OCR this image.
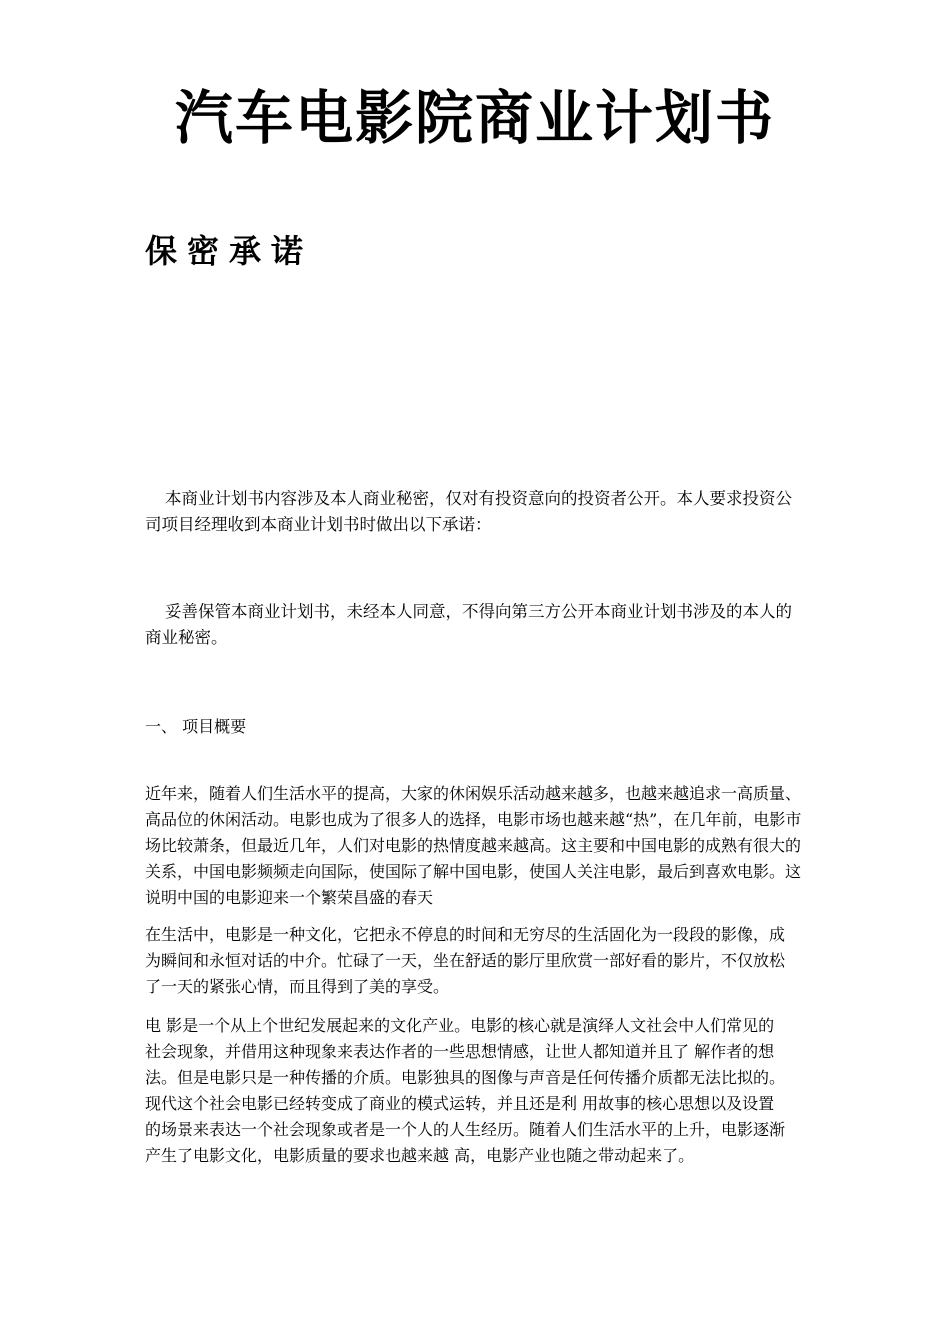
汽车电影院商业计划书
保密承诺

本商业计划书内容涉及本人商业秘密，仅对有投资意向的投资者公开。本人要求投资公司项目经理收到本商业计划书时做出以下承诺：

妥善保管本商业计划书，未经本人同意，不得向第三方公开本商业计划书涉及的本人的商业秘密。

一、 项目概要

近年来，随着人们生活水平的提高，大家的休闲娱乐活动越来越多，也越来越追求一高质量、高品位的休闲活动。电影也成为了很多人的选择，电影市场也越来越“热”，在几年前，电影市场比较萧条，但最近几年，人们对电影的热情度越来越高。这主要和中国电影的成熟有很大的关系，中国电影频频走向国际，使国际了解中国电影，使国人关注电影，最后到喜欢电影。这说明中国的电影迎来一个繁荣昌盛的春天

在生活中，电影是一种文化，它把永不停息的时间和无穷尽的生活固化为一段段的影像，成为瞬间和永恒对话的中介。忙碌了一天，坐在舒适的影厅里欣赏一部好看的影片，不仅放松了一天的紧张心情，而且得到了美的享受。

电 影是一个从上个世纪发展起来的文化产业。电影的核心就是演绎人文社会中人们常见的社会现象，并借用这种现象来表达作者的一些思想情感，让世人都知道并且了 解作者的想法。但是电影只是一种传播的介质。电影独具的图像与声音是任何传播介质都无法比拟的。现代这个社会电影已经转变成了商业的模式运转，并且还是利 用故事的核心思想以及设置的场景来表达一个社会现象或者是一个人的人生经历。随着人们生活水平的上升，电影逐渐产生了电影文化，电影质量的要求也越来越 高，电影产业也随之带动起来了。
